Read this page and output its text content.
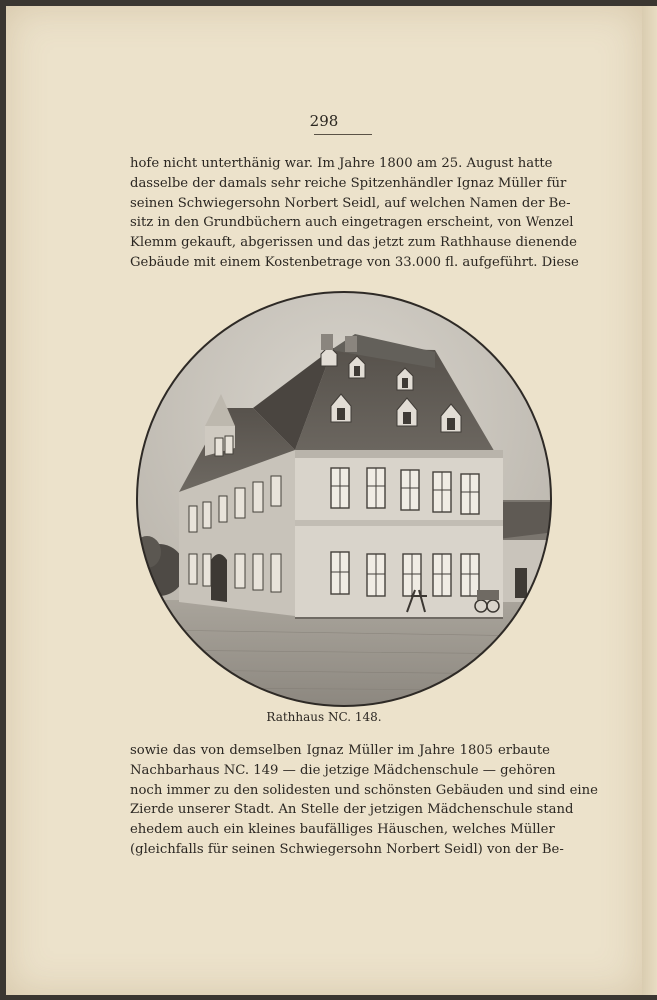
298
hofe nicht unterthänig war. Im Jahre 1800 am 25. August hatte
dasselbe der damals sehr reiche Spitzenhändler Ignaz Müller für
seinen Schwiegersohn Norbert Seidl, auf welchen Namen der Be-
sitz in den Grundbüchern auch eingetragen erscheint, von Wenzel
Klemm gekauft, abgerissen und das jetzt zum Rathhause dienende
Gebäude mit einem Kostenbetrage von 33.000 fl. aufgeführt. Diese
Rathhaus NC. 148.
sowie das von demselben Ignaz Müller im Jahre 1805 erbaute
Nachbarhaus NC. 149 — die jetzige Mädchenschule — gehören
noch immer zu den solidesten und schönsten Gebäuden und sind eine
Zierde unserer Stadt. An Stelle der jetzigen Mädchenschule stand
ehedem auch ein kleines baufälliges Häuschen, welches Müller
(gleichfalls für seinen Schwiegersohn Norbert Seidl) von der Be-
